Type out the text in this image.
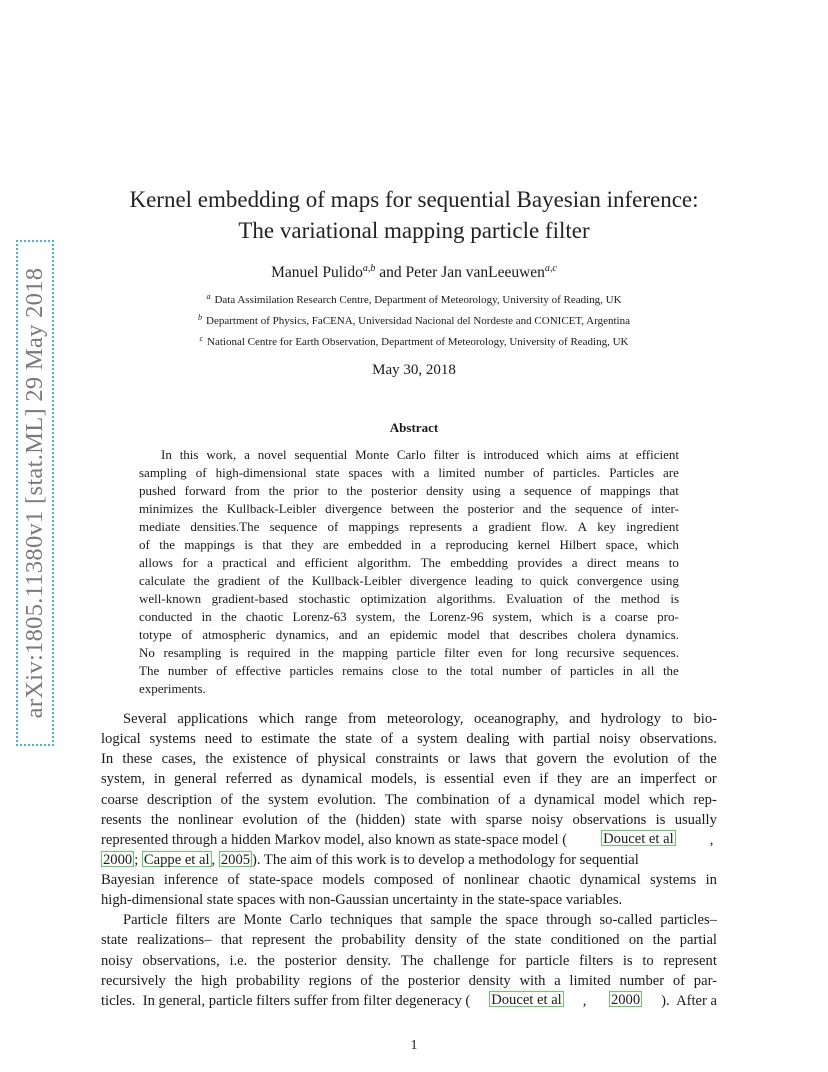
arXiv:1805.11380v1 [stat.ML] 29 May 2018
Kernel embedding of maps for sequential Bayesian inference:
The variational mapping particle filter
Manuel Pulido$^{a,b}$ and Peter Jan vanLeeuwen$^{a,c}$
$^a$ Data Assimilation Research Centre, Department of Meteorology, University of Reading, UK
$^b$ Department of Physics, FaCENA, Universidad Nacional del Nordeste and CONICET, Argentina
$^c$ National Centre for Earth Observation, Department of Meteorology, University of Reading, UK
May 30, 2018
Abstract
In this work, a novel sequential Monte Carlo filter is introduced which aims at efficient
sampling of high-dimensional state spaces with a limited number of particles. Particles are
pushed forward from the prior to the posterior density using a sequence of mappings that
minimizes the Kullback-Leibler divergence between the posterior and the sequence of inter-
mediate densities.The sequence of mappings represents a gradient flow. A key ingredient
of the mappings is that they are embedded in a reproducing kernel Hilbert space, which
allows for a practical and efficient algorithm. The embedding provides a direct means to
calculate the gradient of the Kullback-Leibler divergence leading to quick convergence using
well-known gradient-based stochastic optimization algorithms. Evaluation of the method is
conducted in the chaotic Lorenz-63 system, the Lorenz-96 system, which is a coarse pro-
totype of atmospheric dynamics, and an epidemic model that describes cholera dynamics.
No resampling is required in the mapping particle filter even for long recursive sequences.
The number of effective particles remains close to the total number of particles in all the
experiments.
Several applications which range from meteorology, oceanography, and hydrology to bio-
logical systems need to estimate the state of a system dealing with partial noisy observations.
In these cases, the existence of physical constraints or laws that govern the evolution of the
system, in general referred as dynamical models, is essential even if they are an imperfect or
coarse description of the system evolution. The combination of a dynamical model which rep-
resents the nonlinear evolution of the (hidden) state with sparse noisy observations is usually
represented through a hidden Markov model, also known as state-space model ( Doucet et al ,
2000 ; Cappe et al , 2005 ). The aim of this work is to develop a methodology for sequential
Bayesian inference of state-space models composed of nonlinear chaotic dynamical systems in
high-dimensional state spaces with non-Gaussian uncertainty in the state-space variables.
Particle filters are Monte Carlo techniques that sample the space through so-called particles–
state realizations– that represent the probability density of the state conditioned on the partial
noisy observations, i.e. the posterior density. The challenge for particle filters is to represent
recursively the high probability regions of the posterior density with a limited number of par-
ticles.  In general, particle filters suffer from filter degeneracy ( Doucet et al , 2000 ).  After a
1
